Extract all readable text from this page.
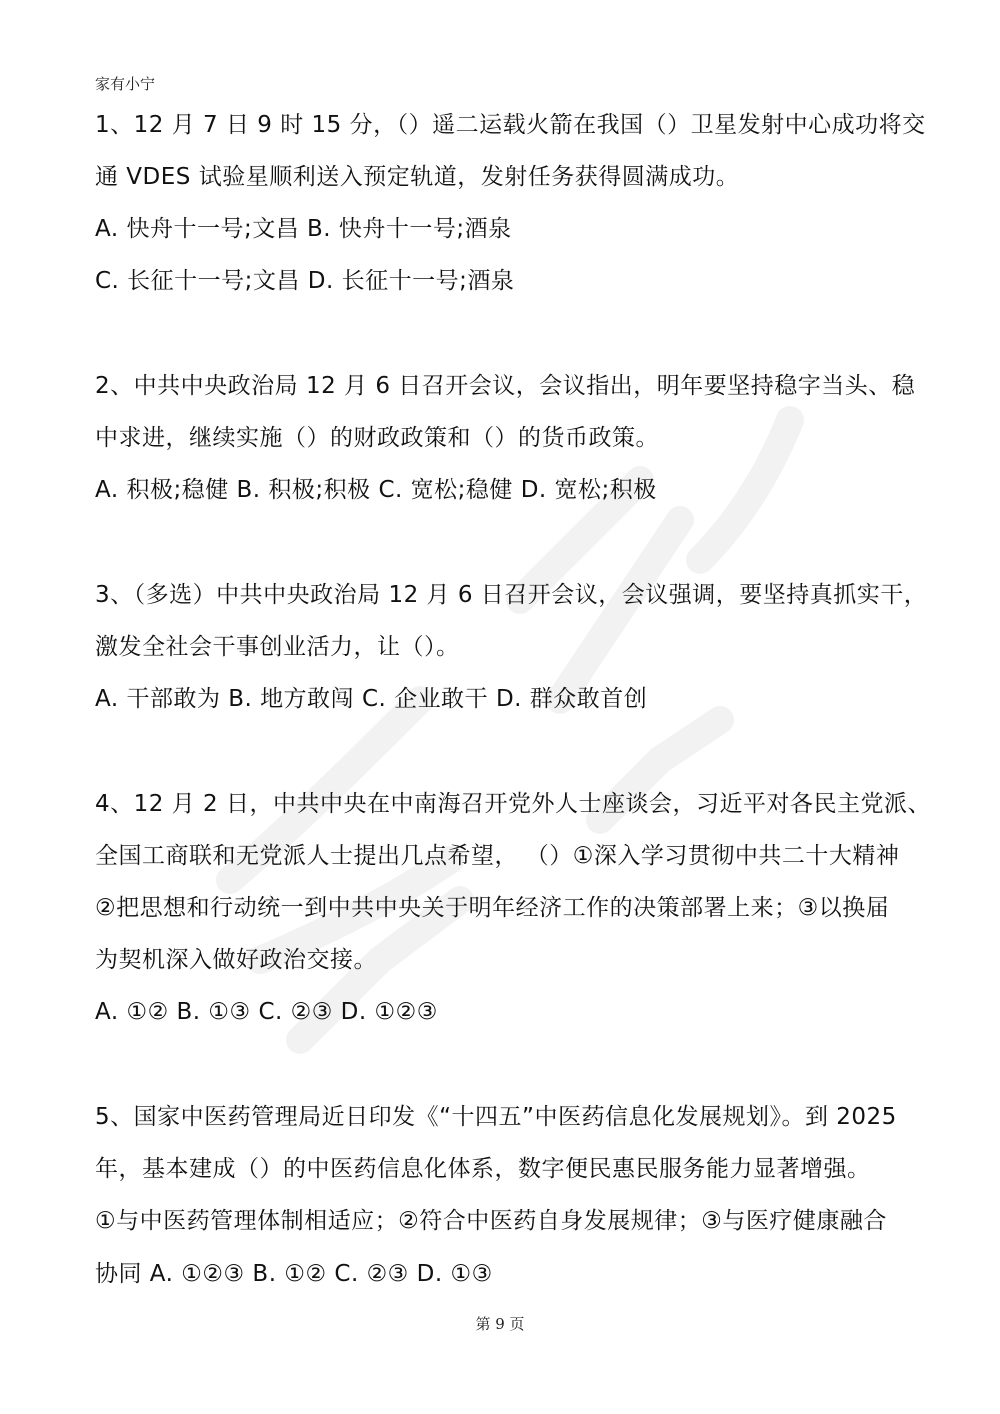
家有小宁
1、12 月 7 日 9 时 15 分，（）遥二运载火箭在我国（）卫星发射中心成功将交
通 VDES 试验星顺利送入预定轨道，发射任务获得圆满成功。
A. 快舟十一号;文昌 B. 快舟十一号;酒泉
C. 长征十一号;文昌 D. 长征十一号;酒泉
2、中共中央政治局 12 月 6 日召开会议，会议指出，明年要坚持稳字当头、稳
中求进，继续实施（）的财政政策和（）的货币政策。
A. 积极;稳健 B. 积极;积极 C. 宽松;稳健 D. 宽松;积极
3、（多选）中共中央政治局 12 月 6 日召开会议，会议强调，要坚持真抓实干，
激发全社会干事创业活力，让（）。
A. 干部敢为 B. 地方敢闯 C. 企业敢干 D. 群众敢首创
4、12 月 2 日，中共中央在中南海召开党外人士座谈会，习近平对各民主党派、
全国工商联和无党派人士提出几点希望， （）①深入学习贯彻中共二十大精神
②把思想和行动统一到中共中央关于明年经济工作的决策部署上来；③以换届
为契机深入做好政治交接。
A. ①② B. ①③ C. ②③ D. ①②③
5、国家中医药管理局近日印发《“十四五”中医药信息化发展规划》。到 2025
年，基本建成（）的中医药信息化体系，数字便民惠民服务能力显著增强。
①与中医药管理体制相适应；②符合中医药自身发展规律；③与医疗健康融合
协同 A. ①②③ B. ①② C. ②③ D. ①③
第 9 页
